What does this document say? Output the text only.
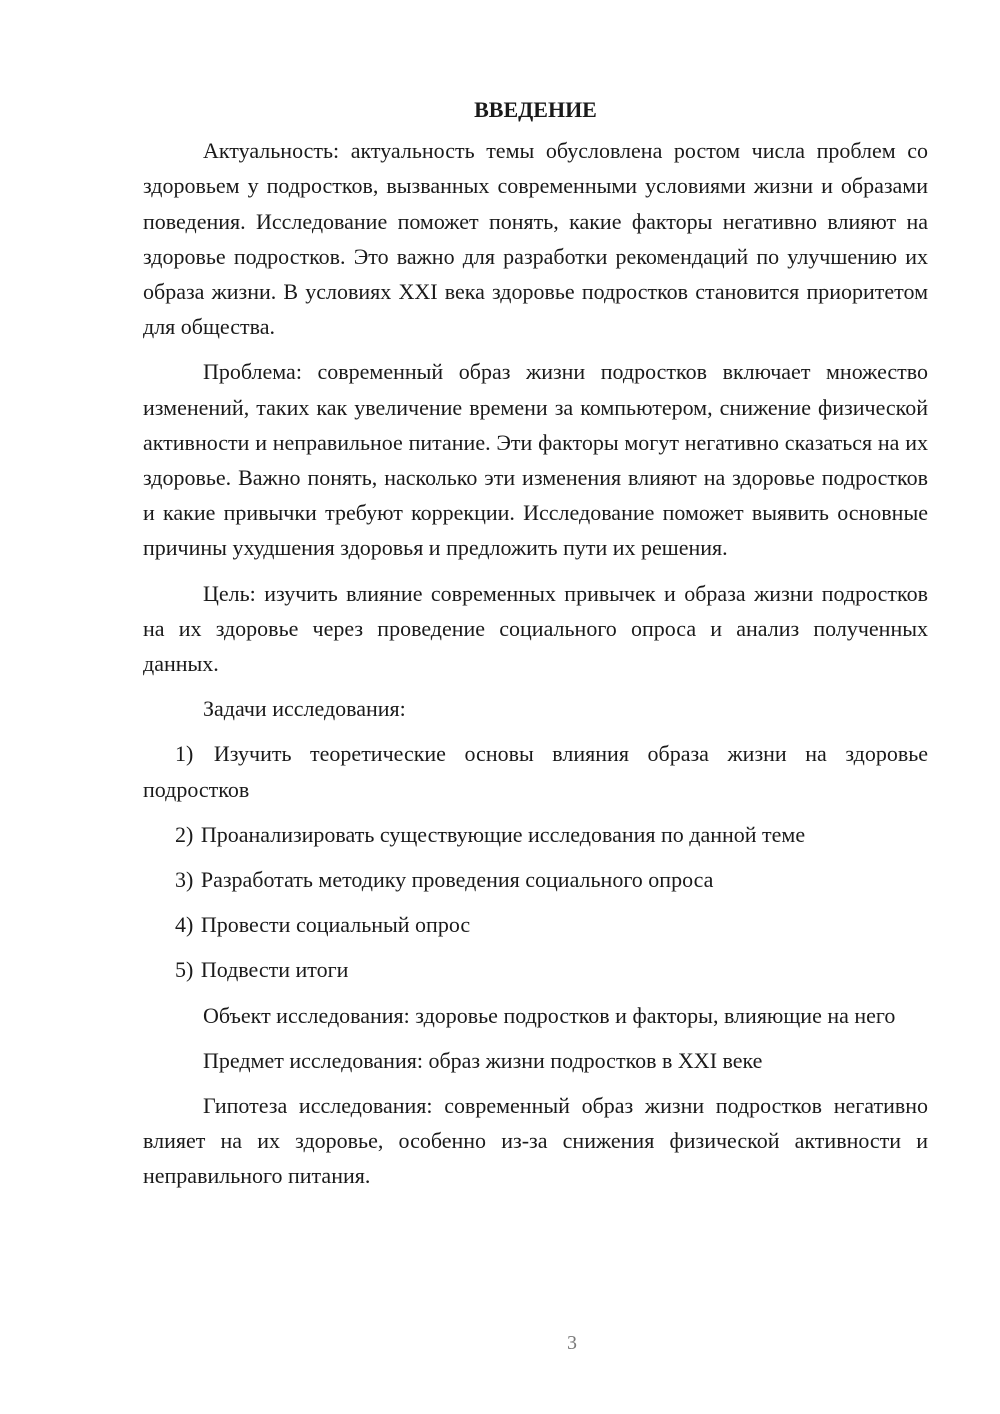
ВВЕДЕНИЕ

Актуальность: актуальность темы обусловлена ростом числа проблем со здоровьем у подростков, вызванных современными условиями жизни и образами поведения. Исследование поможет понять, какие факторы негативно влияют на здоровье подростков. Это важно для разработки рекомендаций по улучшению их образа жизни. В условиях XXI века здоровье подростков становится приоритетом для общества.

Проблема: современный образ жизни подростков включает множество изменений, таких как увеличение времени за компьютером, снижение физической активности и неправильное питание. Эти факторы могут негативно сказаться на их здоровье. Важно понять, насколько эти изменения влияют на здоровье подростков и какие привычки требуют коррекции. Исследование поможет выявить основные причины ухудшения здоровья и предложить пути их решения.

Цель: изучить влияние современных привычек и образа жизни подростков на их здоровье через проведение социального опроса и анализ полученных данных.

Задачи исследования:

1) Изучить теоретические основы влияния образа жизни на здоровье подростков
2) Проанализировать существующие исследования по данной теме
3) Разработать методику проведения социального опроса
4) Провести социальный опрос
5) Подвести итоги

Объект исследования: здоровье подростков и факторы, влияющие на него

Предмет исследования: образ жизни подростков в XXI веке

Гипотеза исследования: современный образ жизни подростков негативно влияет на их здоровье, особенно из-за снижения физической активности и неправильного питания.

3
